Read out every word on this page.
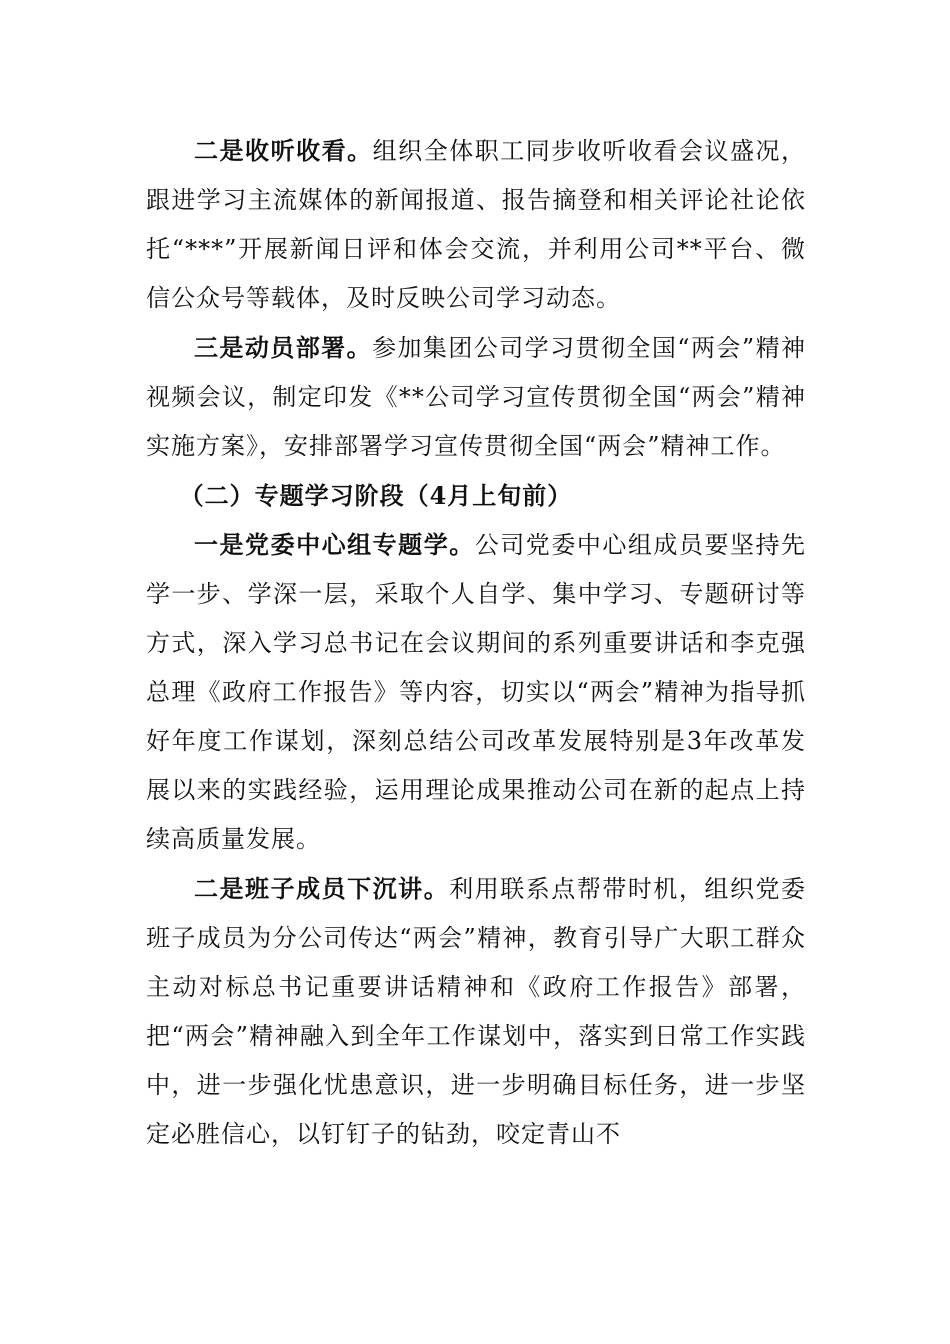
二是收听收看。组织全体职工同步收听收看会议盛况，跟进学习主流媒体的新闻报道、报告摘登和相关评论社论依托“***”开展新闻日评和体会交流，并利用公司**平台、微信公众号等载体，及时反映公司学习动态。

三是动员部署。参加集团公司学习贯彻全国“两会”精神视频会议，制定印发《**公司学习宣传贯彻全国“两会”精神实施方案》，安排部署学习宣传贯彻全国“两会”精神工作。

（二）专题学习阶段（4月上旬前）

一是党委中心组专题学。公司党委中心组成员要坚持先学一步、学深一层，采取个人自学、集中学习、专题研讨等方式，深入学习总书记在会议期间的系列重要讲话和李克强总理《政府工作报告》等内容，切实以“两会”精神为指导抓好年度工作谋划，深刻总结公司改革发展特别是3年改革发展以来的实践经验，运用理论成果推动公司在新的起点上持续高质量发展。

二是班子成员下沉讲。利用联系点帮带时机，组织党委班子成员为分公司传达“两会”精神，教育引导广大职工群众主动对标总书记重要讲话精神和《政府工作报告》部署，把“两会”精神融入到全年工作谋划中，落实到日常工作实践中，进一步强化忧患意识，进一步明确目标任务，进一步坚定必胜信心，以钉钉子的钻劲，咬定青山不
